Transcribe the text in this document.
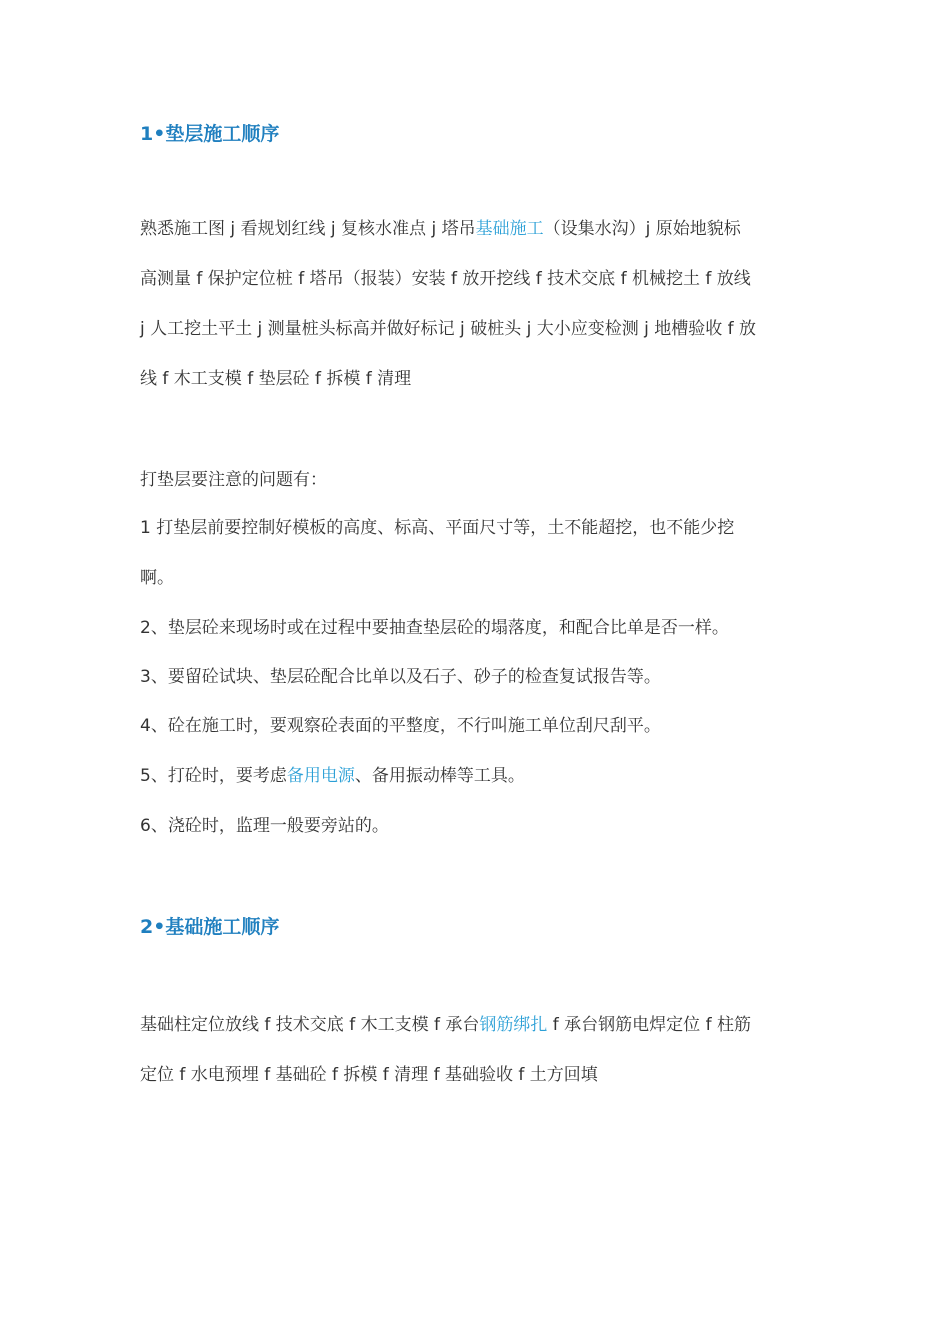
1•垫层施工顺序

熟悉施工图 j 看规划红线 j 复核水准点 j 塔吊基础施工（设集水沟）j 原始地貌标
高测量 f 保护定位桩 f 塔吊（报装）安装 f 放开挖线 f 技术交底 f 机械挖土 f 放线
j 人工挖土平土 j 测量桩头标高并做好标记 j 破桩头 j 大小应变检测 j 地槽验收 f 放
线 f 木工支模 f 垫层砼 f 拆模 f 清理

打垫层要注意的问题有：

1 打垫层前要控制好模板的高度、标高、平面尺寸等，土不能超挖，也不能少挖

啊。

2、垫层砼来现场时或在过程中要抽查垫层砼的塌落度，和配合比单是否一样。

3、要留砼试块、垫层砼配合比单以及石子、砂子的检查复试报告等。

4、砼在施工时，要观察砼表面的平整度，不行叫施工单位刮尺刮平。

5、打砼时，要考虑备用电源、备用振动棒等工具。

6、浇砼时，监理一般要旁站的。

2•基础施工顺序

基础柱定位放线 f 技术交底 f 木工支模 f 承台钢筋绑扎 f 承台钢筋电焊定位 f 柱筋
定位 f 水电预埋 f 基础砼 f 拆模 f 清理 f 基础验收 f 土方回填
